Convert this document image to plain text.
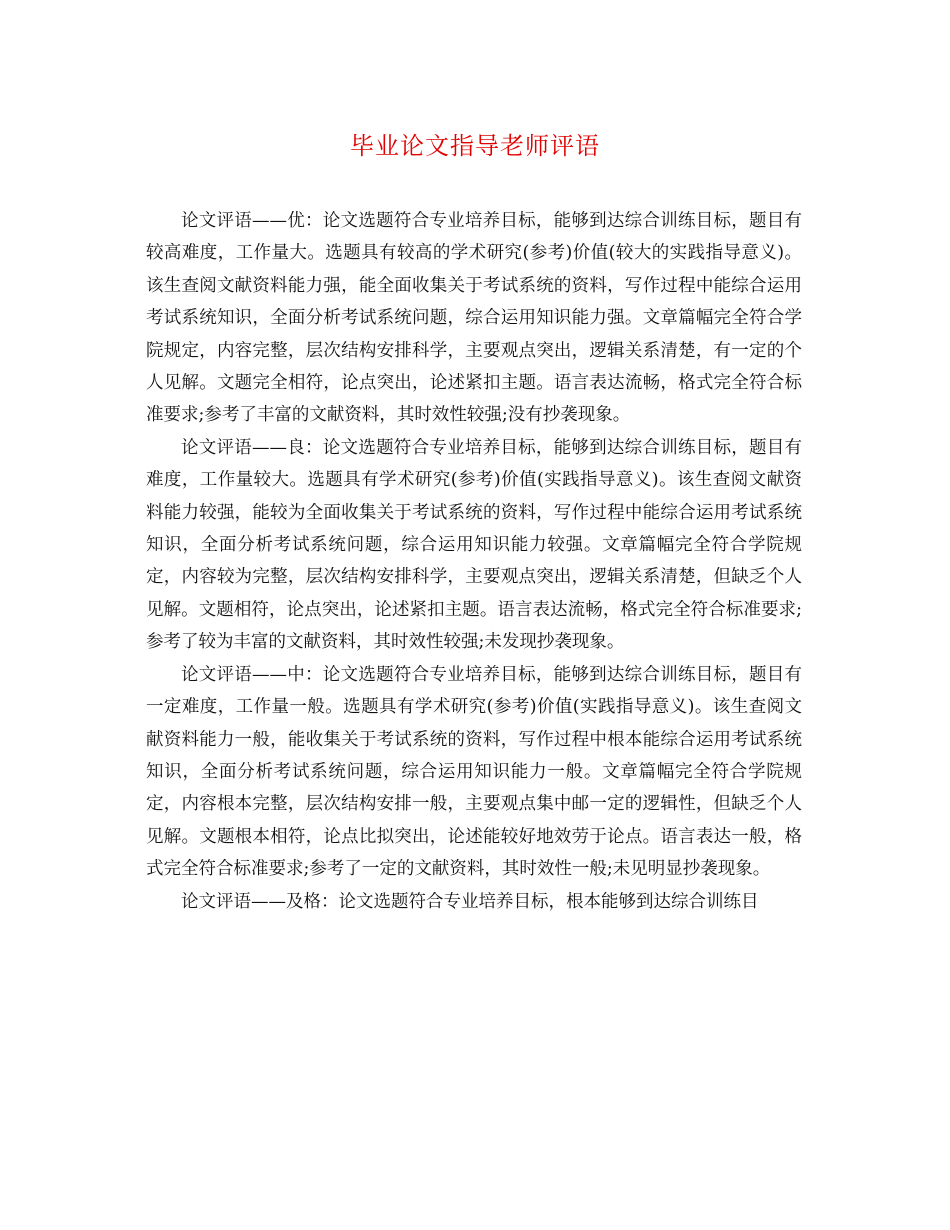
毕业论文指导老师评语

论文评语——优：论文选题符合专业培养目标，能够到达综合训练目标，题目有较高难度，工作量大。选题具有较高的学术研究(参考)价值(较大的实践指导意义)。该生查阅文献资料能力强，能全面收集关于考试系统的资料，写作过程中能综合运用考试系统知识，全面分析考试系统问题，综合运用知识能力强。文章篇幅完全符合学院规定，内容完整，层次结构安排科学，主要观点突出，逻辑关系清楚，有一定的个人见解。文题完全相符，论点突出，论述紧扣主题。语言表达流畅，格式完全符合标准要求;参考了丰富的文献资料，其时效性较强;没有抄袭现象。

论文评语——良：论文选题符合专业培养目标，能够到达综合训练目标，题目有难度，工作量较大。选题具有学术研究(参考)价值(实践指导意义)。该生查阅文献资料能力较强，能较为全面收集关于考试系统的资料，写作过程中能综合运用考试系统知识，全面分析考试系统问题，综合运用知识能力较强。文章篇幅完全符合学院规定，内容较为完整，层次结构安排科学，主要观点突出，逻辑关系清楚，但缺乏个人见解。文题相符，论点突出，论述紧扣主题。语言表达流畅，格式完全符合标准要求;参考了较为丰富的文献资料，其时效性较强;未发现抄袭现象。

论文评语——中：论文选题符合专业培养目标，能够到达综合训练目标，题目有一定难度，工作量一般。选题具有学术研究(参考)价值(实践指导意义)。该生查阅文献资料能力一般，能收集关于考试系统的资料，写作过程中根本能综合运用考试系统知识，全面分析考试系统问题，综合运用知识能力一般。文章篇幅完全符合学院规定，内容根本完整，层次结构安排一般，主要观点集中邮一定的逻辑性，但缺乏个人见解。文题根本相符，论点比拟突出，论述能较好地效劳于论点。语言表达一般，格式完全符合标准要求;参考了一定的文献资料，其时效性一般;未见明显抄袭现象。

论文评语——及格：论文选题符合专业培养目标，根本能够到达综合训练目
